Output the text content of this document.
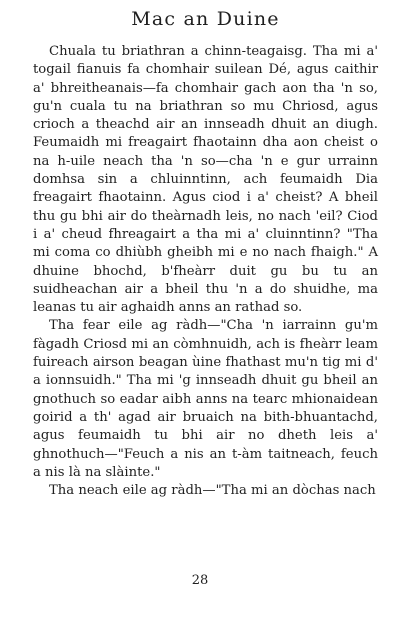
Mac an Duine

Chuala tu briathran a chinn-teagaisg. Tha mi a' togail fianuis fa chomhair suilean Dé, agus caithir a' bhreitheanais—fa chomhair gach aon tha 'n so, gu'n cuala tu na briathran so mu Chriosd, agus crioch a theachd air an innseadh dhuit an diugh. Feumaidh mi freagairt fhaotainn dha aon cheist o na h-uile neach tha 'n so—cha 'n e gur urrainn domhsa sin a chluinntinn, ach feumaidh Dia freagairt fhaotainn. Agus ciod i a' cheist? A bheil thu gu bhi air do theàrnadh leis, no nach 'eil? Ciod i a' cheud fhreagairt a tha mi a' cluinntinn? "Tha mi coma co dhiùbh gheibh mi e no nach fhaigh." A dhuine bhochd, b'fheàrr duit gu bu tu an suidheachan air a bheil thu 'n a do shuidhe, ma leanas tu air aghaidh anns an rathad so.

Tha fear eile ag ràdh—"Cha 'n iarrainn gu'm fàgadh Criosd mi an còmhnuidh, ach is fheàrr leam fuireach airson beagan ùine fhathast mu'n tig mi d' a ionnsuidh." Tha mi 'g innseadh dhuit gu bheil an gnothuch so eadar aibh anns na tearc mhionaidean goirid a th' agad air bruaich na bith-bhuantachd, agus feumaidh tu bhi air no dheth leis a' ghnothuch—"Feuch a nis an t-àm taitneach, feuch a nis là na slàinte."

Tha neach eile ag ràdh—"Tha mi an dòchas nach

28
